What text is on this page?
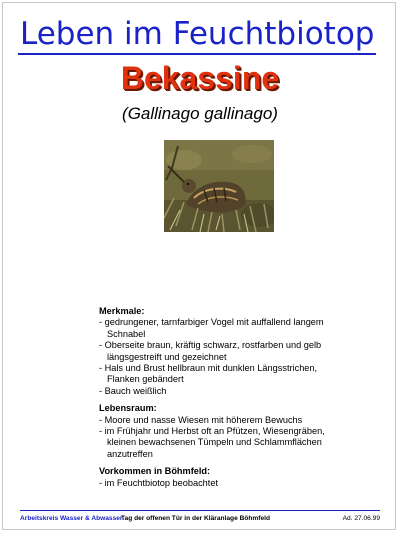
Leben im Feuchtbiotop
Bekassine
(Gallinago gallinago)
Merkmale:
- gedrungener, tarnfarbiger Vogel mit auffallend langem Schnabel
- Oberseite braun, kräftig schwarz, rostfarben und gelb längsgestreift und gezeichnet
- Hals und Brust hellbraun mit dunklen Längsstrichen, Flanken gebändert
- Bauch weißlich
Lebensraum:
- Moore und nasse Wiesen mit höherem Bewuchs
- im Frühjahr und Herbst oft an Pfützen, Wiesengräben, kleinen bewachsenen Tümpeln und Schlammflächen anzutreffen
Vorkommen in Böhmfeld:
- im Feuchtbiotop beobachtet
Arbeitskreis Wasser & Abwasser
Tag der offenen Tür in der Kläranlage Böhmfeld	Ad. 27.06.99
